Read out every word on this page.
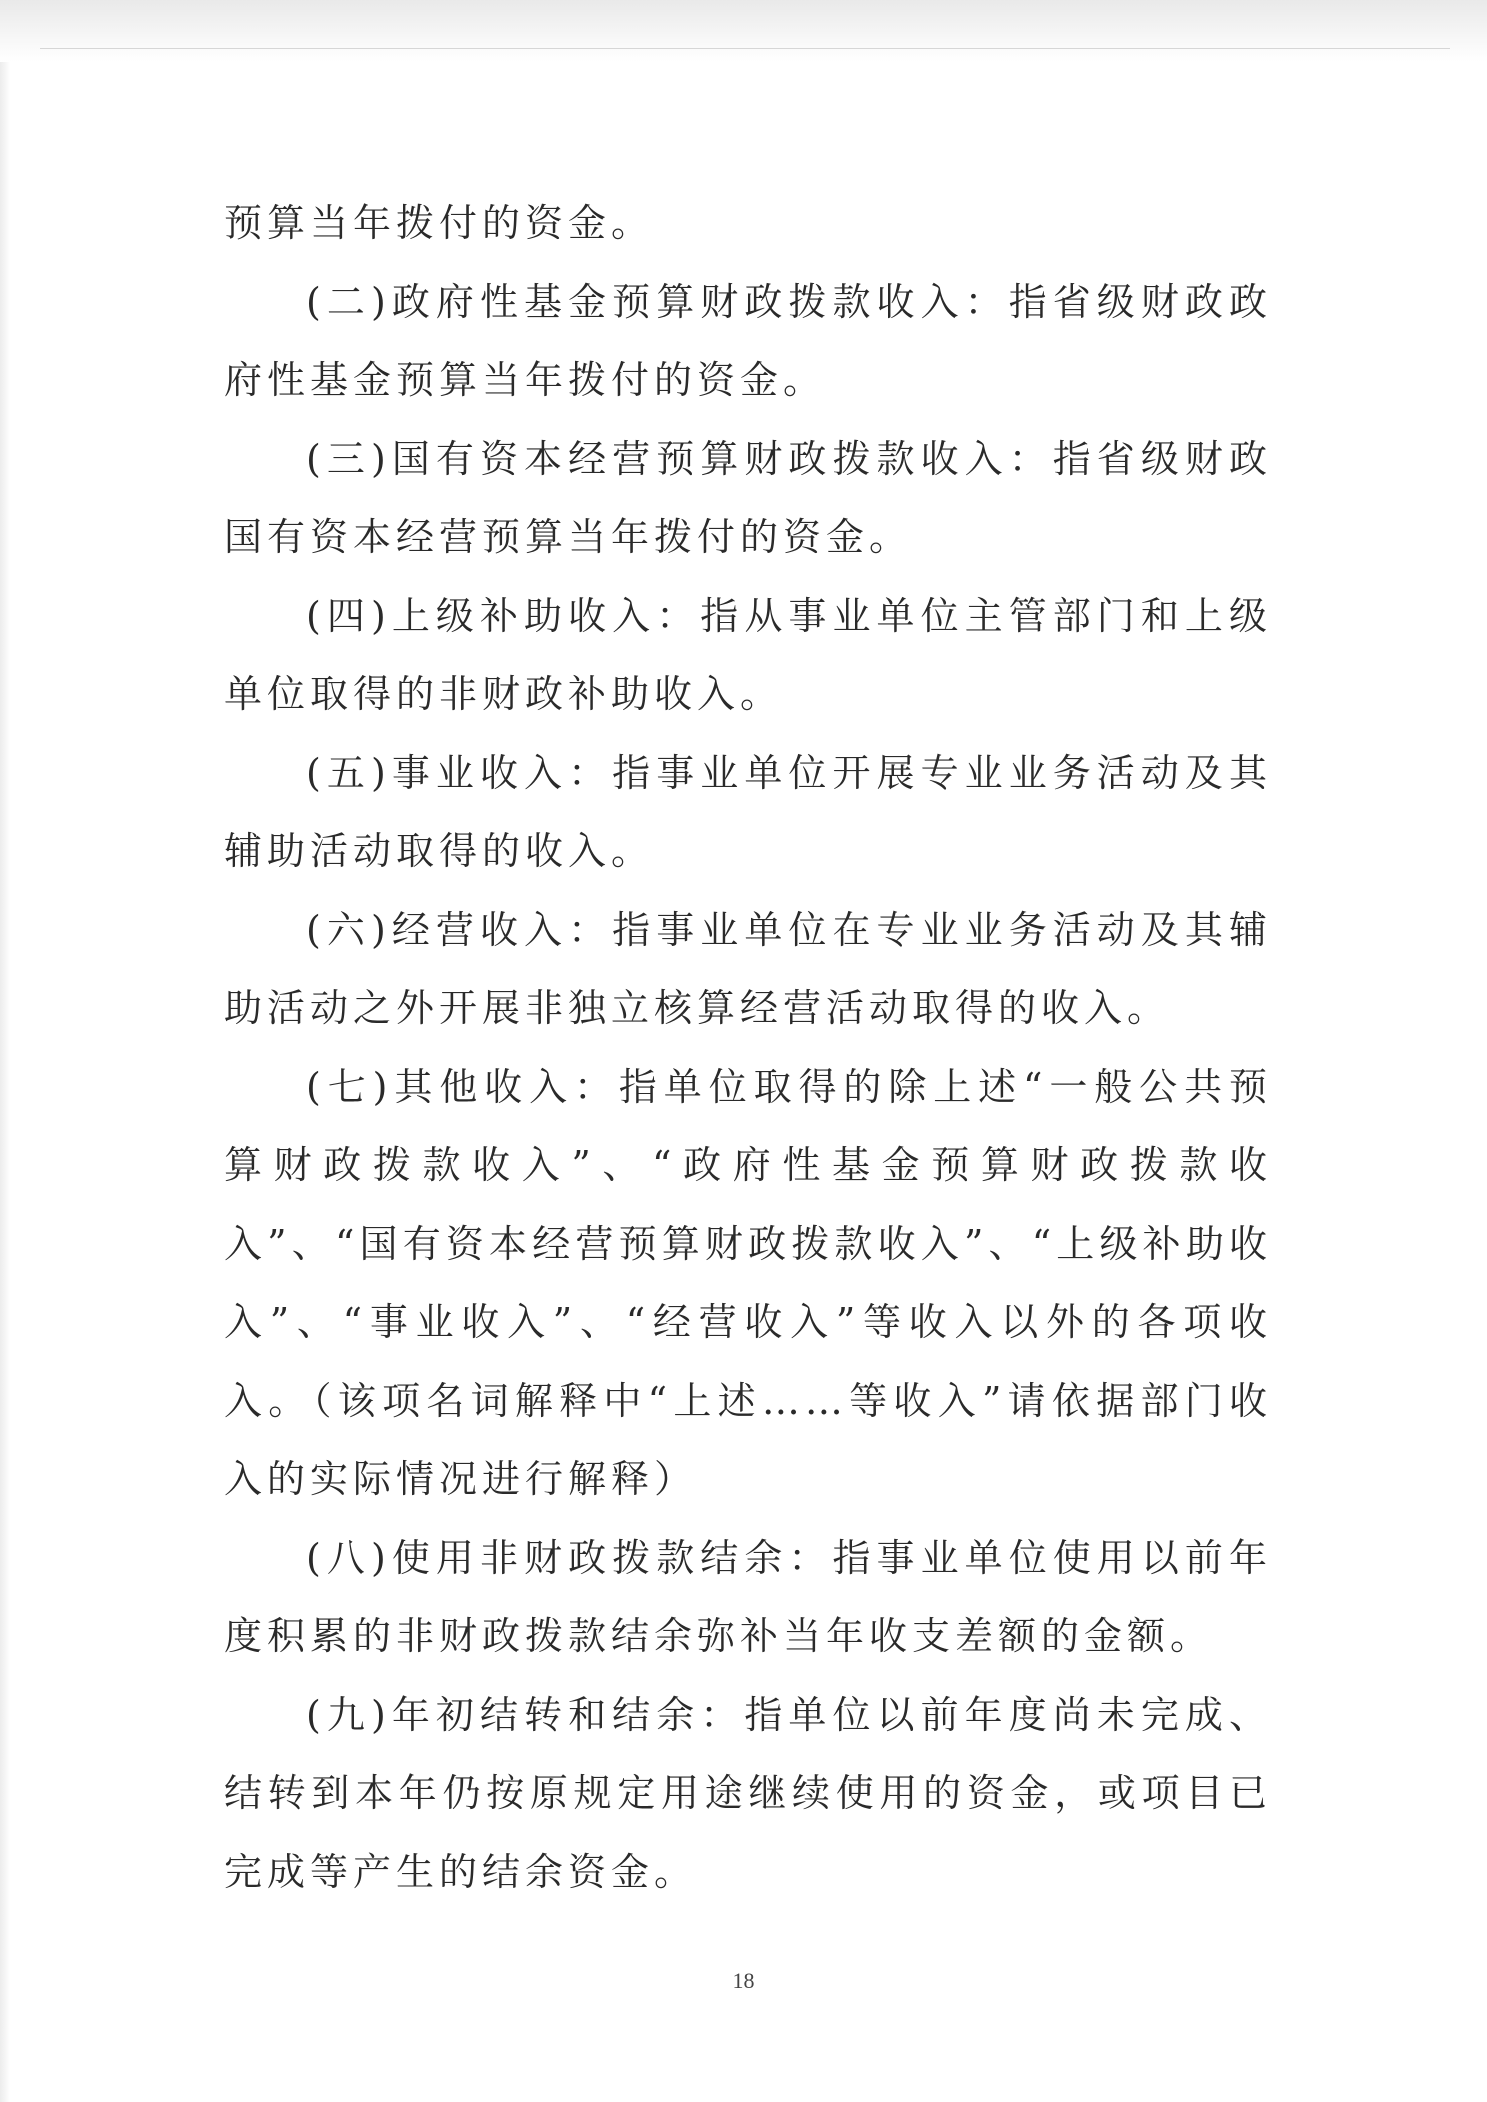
预算当年拨付的资金。

(二)政府性基金预算财政拨款收入：指省级财政政府性基金预算当年拨付的资金。

(三)国有资本经营预算财政拨款收入：指省级财政国有资本经营预算当年拨付的资金。

(四)上级补助收入：指从事业单位主管部门和上级单位取得的非财政补助收入。

(五)事业收入：指事业单位开展专业业务活动及其辅助活动取得的收入。

(六)经营收入：指事业单位在专业业务活动及其辅助活动之外开展非独立核算经营活动取得的收入。

(七)其他收入：指单位取得的除上述“一般公共预算财政拨款收入”、“政府性基金预算财政拨款收入”、“国有资本经营预算财政拨款收入”、“上级补助收入”、“事业收入”、“经营收入”等收入以外的各项收入。（该项名词解释中“上述……等收入”请依据部门收入的实际情况进行解释）

(八)使用非财政拨款结余：指事业单位使用以前年度积累的非财政拨款结余弥补当年收支差额的金额。

(九)年初结转和结余：指单位以前年度尚未完成、结转到本年仍按原规定用途继续使用的资金，或项目已完成等产生的结余资金。

18
